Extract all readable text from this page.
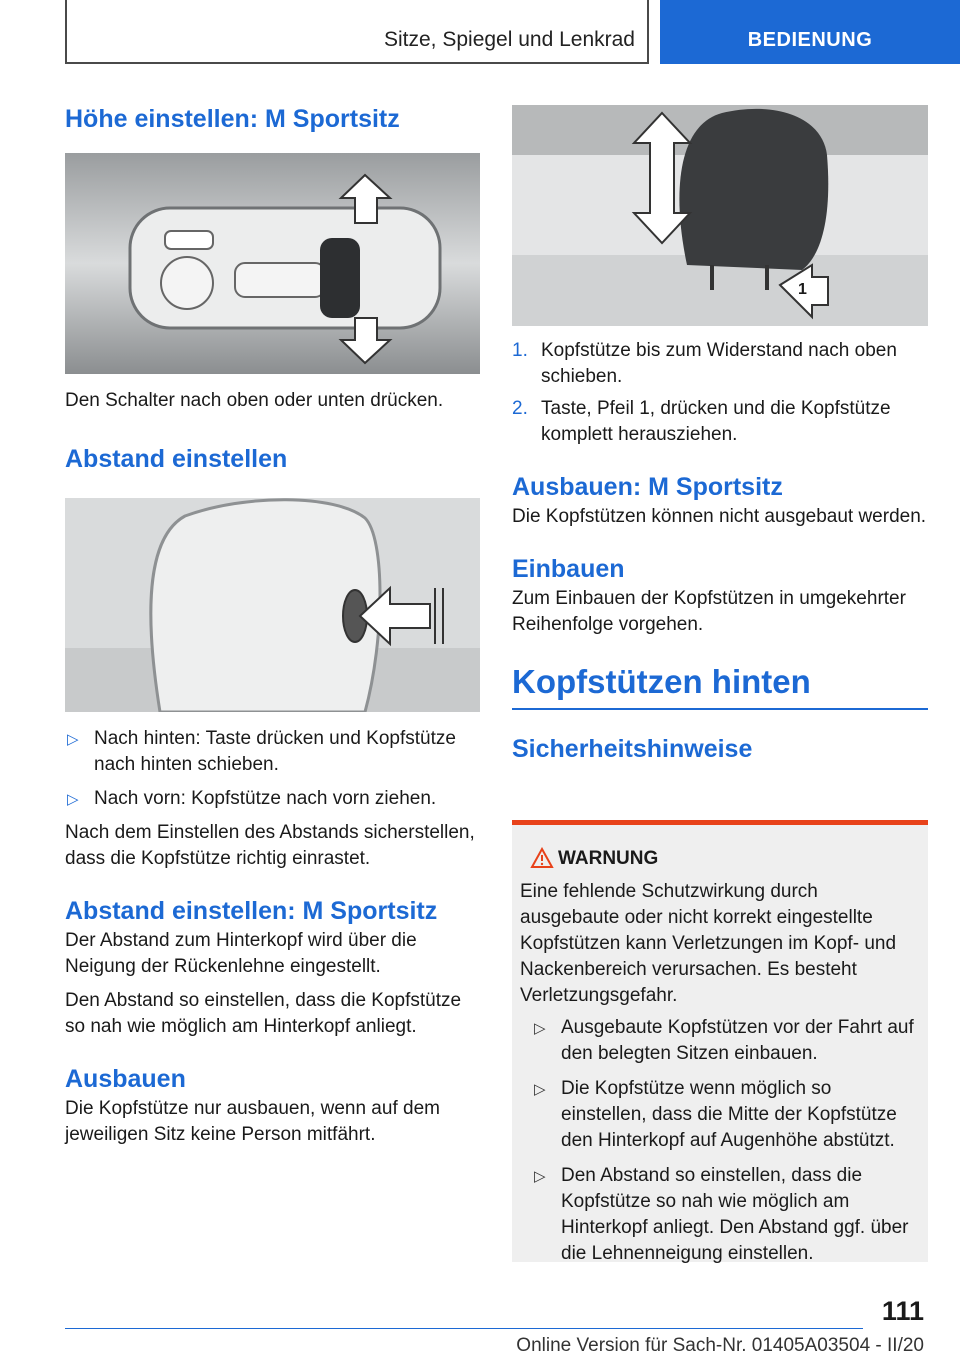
Sitze, Spiegel und Lenkrad	BEDIENUNG
Höhe einstellen: M Sportsitz

Den Schalter nach oben oder unten drücken.

Abstand einstellen
▷ Nach hinten: Taste drücken und Kopfstütze nach hinten schieben.
▷ Nach vorn: Kopfstütze nach vorn ziehen.

Nach dem Einstellen des Abstands sicherstellen, dass die Kopfstütze richtig einrastet.

Abstand einstellen: M Sportsitz

Der Abstand zum Hinterkopf wird über die Neigung der Rückenlehne eingestellt.

Den Abstand so einstellen, dass die Kopfstütze so nah wie möglich am Hinterkopf anliegt.

Ausbauen

Die Kopfstütze nur ausbauen, wenn auf dem jeweiligen Sitz keine Person mitfährt.

1
1. Kopfstütze bis zum Widerstand nach oben schieben.
2. Taste, Pfeil 1, drücken und die Kopfstütze komplett herausziehen.
Ausbauen: M Sportsitz

Die Kopfstützen können nicht ausgebaut werden.

Einbauen

Zum Einbauen der Kopfstützen in umgekehrter Reihenfolge vorgehen.

Kopfstützen hinten
Sicherheitshinweise
WARNUNG

Eine fehlende Schutzwirkung durch ausgebaute oder nicht korrekt eingestellte Kopfstützen kann Verletzungen im Kopf- und Nackenbereich verursachen. Es besteht Verletzungsgefahr.

▷ Ausgebaute Kopfstützen vor der Fahrt auf den belegten Sitzen einbauen.
▷ Die Kopfstütze wenn möglich so einstellen, dass die Mitte der Kopfstütze den Hinterkopf auf Augenhöhe abstützt.
▷ Den Abstand so einstellen, dass die Kopfstütze so nah wie möglich am Hinterkopf anliegt. Den Abstand ggf. über die Lehnenneigung einstellen.
111
Online Version für Sach-Nr. 01405A03504 - II/20
